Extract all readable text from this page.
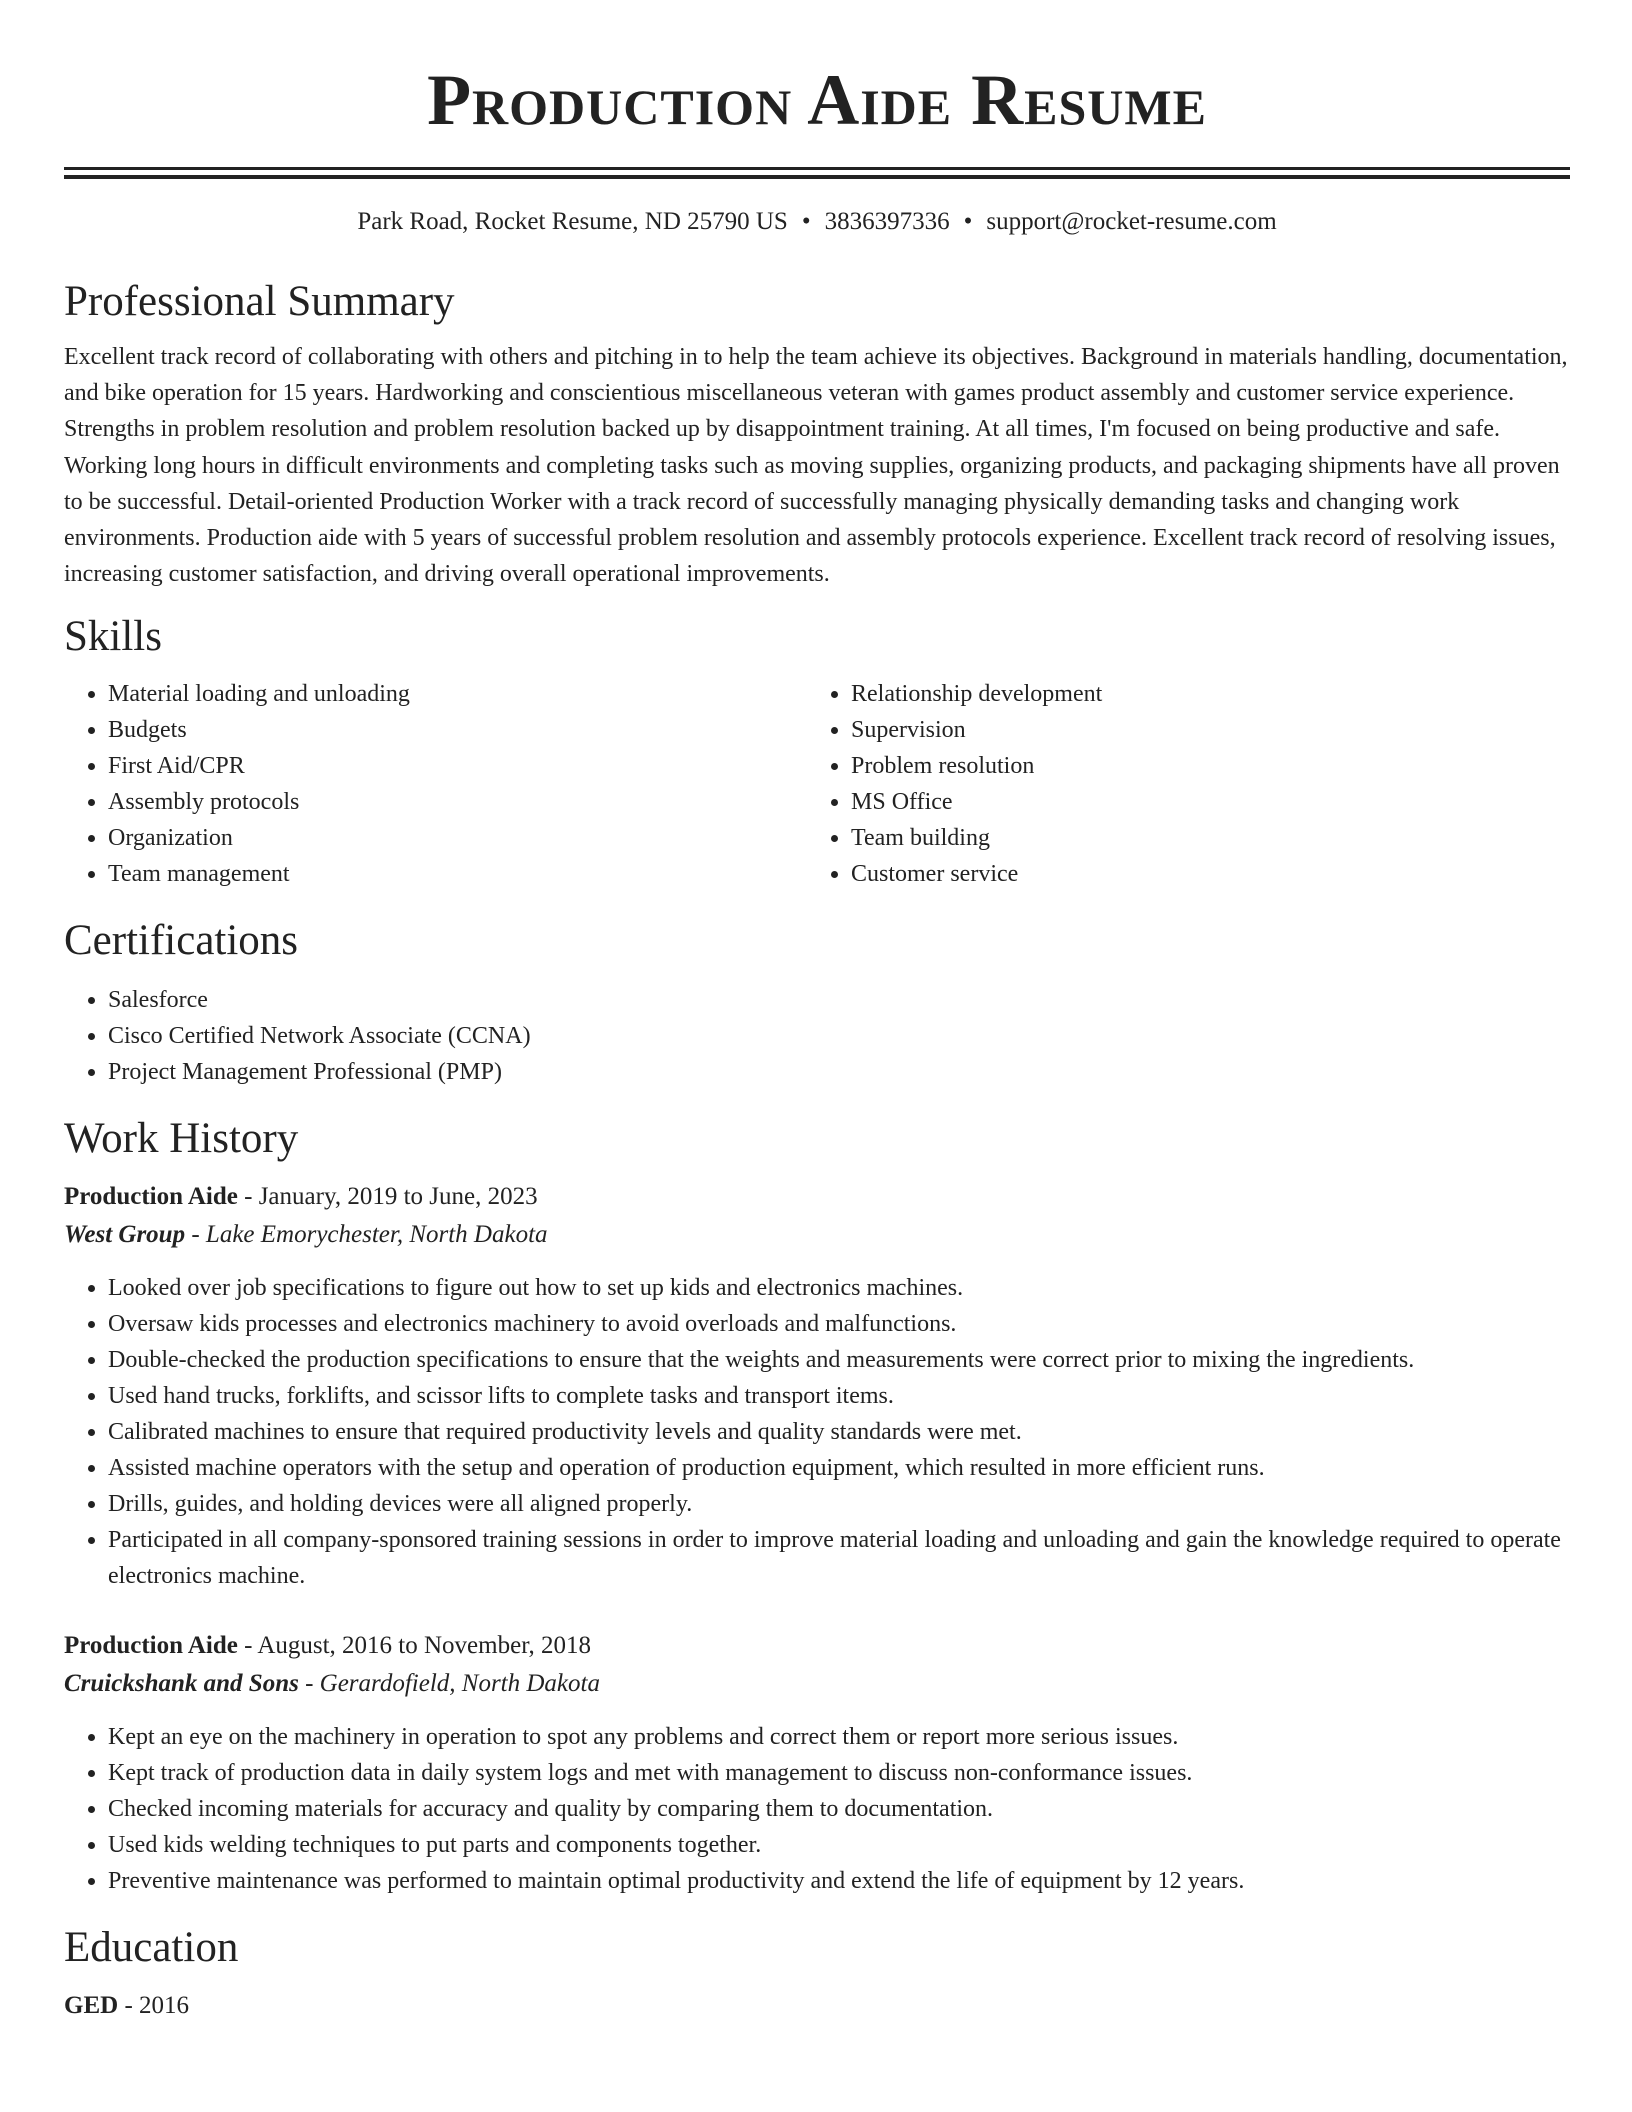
Production Aide Resume
Park Road, Rocket Resume, ND 25790 US • 3836397336 • support@rocket-resume.com
Professional Summary

Excellent track record of collaborating with others and pitching in to help the team achieve its objectives. Background in materials handling, documentation, and bike operation for 15 years. Hardworking and conscientious miscellaneous veteran with games product assembly and customer service experience. Strengths in problem resolution and problem resolution backed up by disappointment training. At all times, I'm focused on being productive and safe. Working long hours in difficult environments and completing tasks such as moving supplies, organizing products, and packaging shipments have all proven to be successful. Detail-oriented Production Worker with a track record of successfully managing physically demanding tasks and changing work environments. Production aide with 5 years of successful problem resolution and assembly protocols experience. Excellent track record of resolving issues, increasing customer satisfaction, and driving overall operational improvements.

Skills
• Material loading and unloading
• Budgets
• First Aid/CPR
• Assembly protocols
• Organization
• Team management
• Relationship development
• Supervision
• Problem resolution
• MS Office
• Team building
• Customer service
Certifications
• Salesforce
• Cisco Certified Network Associate (CCNA)
• Project Management Professional (PMP)
Work History
Production Aide - January, 2019 to June, 2023
West Group - Lake Emorychester, North Dakota
• Looked over job specifications to figure out how to set up kids and electronics machines.
• Oversaw kids processes and electronics machinery to avoid overloads and malfunctions.
• Double-checked the production specifications to ensure that the weights and measurements were correct prior to mixing the ingredients.
• Used hand trucks, forklifts, and scissor lifts to complete tasks and transport items.
• Calibrated machines to ensure that required productivity levels and quality standards were met.
• Assisted machine operators with the setup and operation of production equipment, which resulted in more efficient runs.
• Drills, guides, and holding devices were all aligned properly.
• Participated in all company-sponsored training sessions in order to improve material loading and unloading and gain the knowledge required to operate electronics machine.
Production Aide - August, 2016 to November, 2018
Cruickshank and Sons - Gerardofield, North Dakota
• Kept an eye on the machinery in operation to spot any problems and correct them or report more serious issues.
• Kept track of production data in daily system logs and met with management to discuss non-conformance issues.
• Checked incoming materials for accuracy and quality by comparing them to documentation.
• Used kids welding techniques to put parts and components together.
• Preventive maintenance was performed to maintain optimal productivity and extend the life of equipment by 12 years.
Education
GED - 2016
